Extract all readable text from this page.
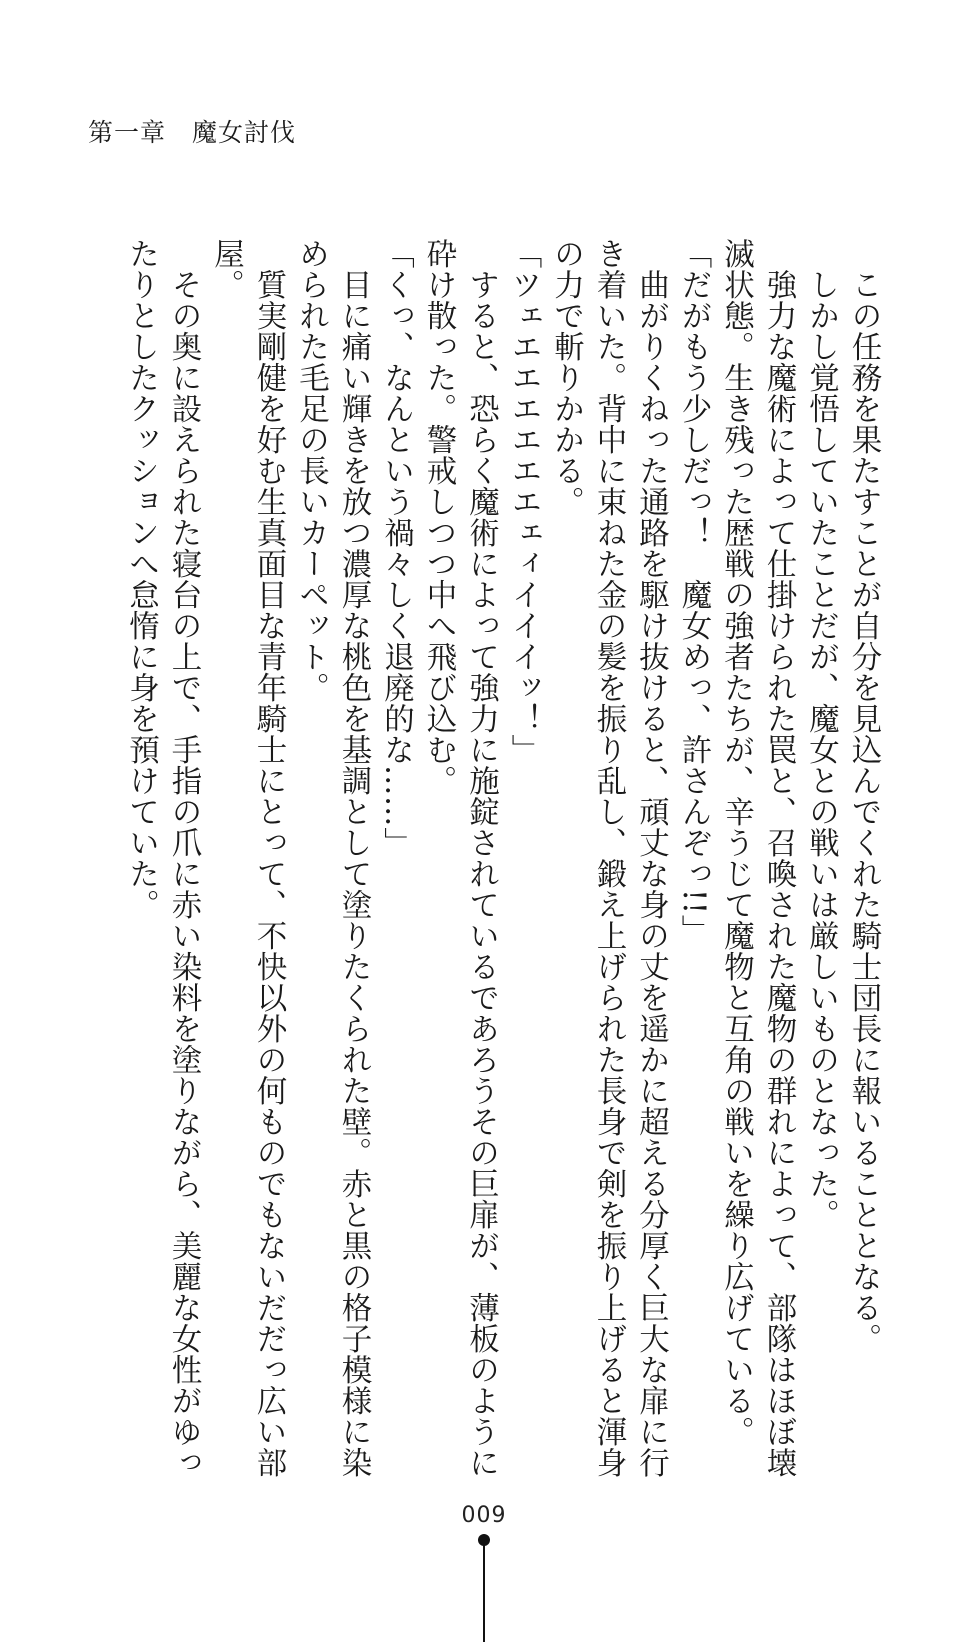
第一章　魔女討伐

この任務を果たすことが自分を見込んでくれた騎士団長に報いることとなる。

しかし覚悟していたことだが、魔女との戦いは厳しいものとなった。

強力な魔術によって仕掛けられた罠と、召喚された魔物の群れによって、部隊はほぼ壊

滅状態。生き残った歴戦の強者たちが、辛うじて魔物と互角の戦いを繰り広げている。

「だがもう少しだっ！　魔女めっ、許さんぞっ!!」

曲がりくねった通路を駆け抜けると、頑丈な身の丈を遥かに超える分厚く巨大な扉に行

き着いた。背中に束ねた金の髪を振り乱し、鍛え上げられた長身で剣を振り上げると渾身

の力で斬りかかる。

「ツェエエエエエエェィイイイッ！」

すると、恐らく魔術によって強力に施錠されているであろうその巨扉が、薄板のように

砕け散った。警戒しつつ中へ飛び込む。

「くっ、なんという禍々しく退廃的な……」

目に痛い輝きを放つ濃厚な桃色を基調として塗りたくられた壁。赤と黒の格子模様に染

められた毛足の長いカーペット。

質実剛健を好む生真面目な青年騎士にとって、不快以外の何ものでもないだだっ広い部

屋。

その奥に設えられた寝台の上で、手指の爪に赤い染料を塗りながら、美麗な女性がゆっ

たりとしたクッションへ怠惰に身を預けていた。

009
